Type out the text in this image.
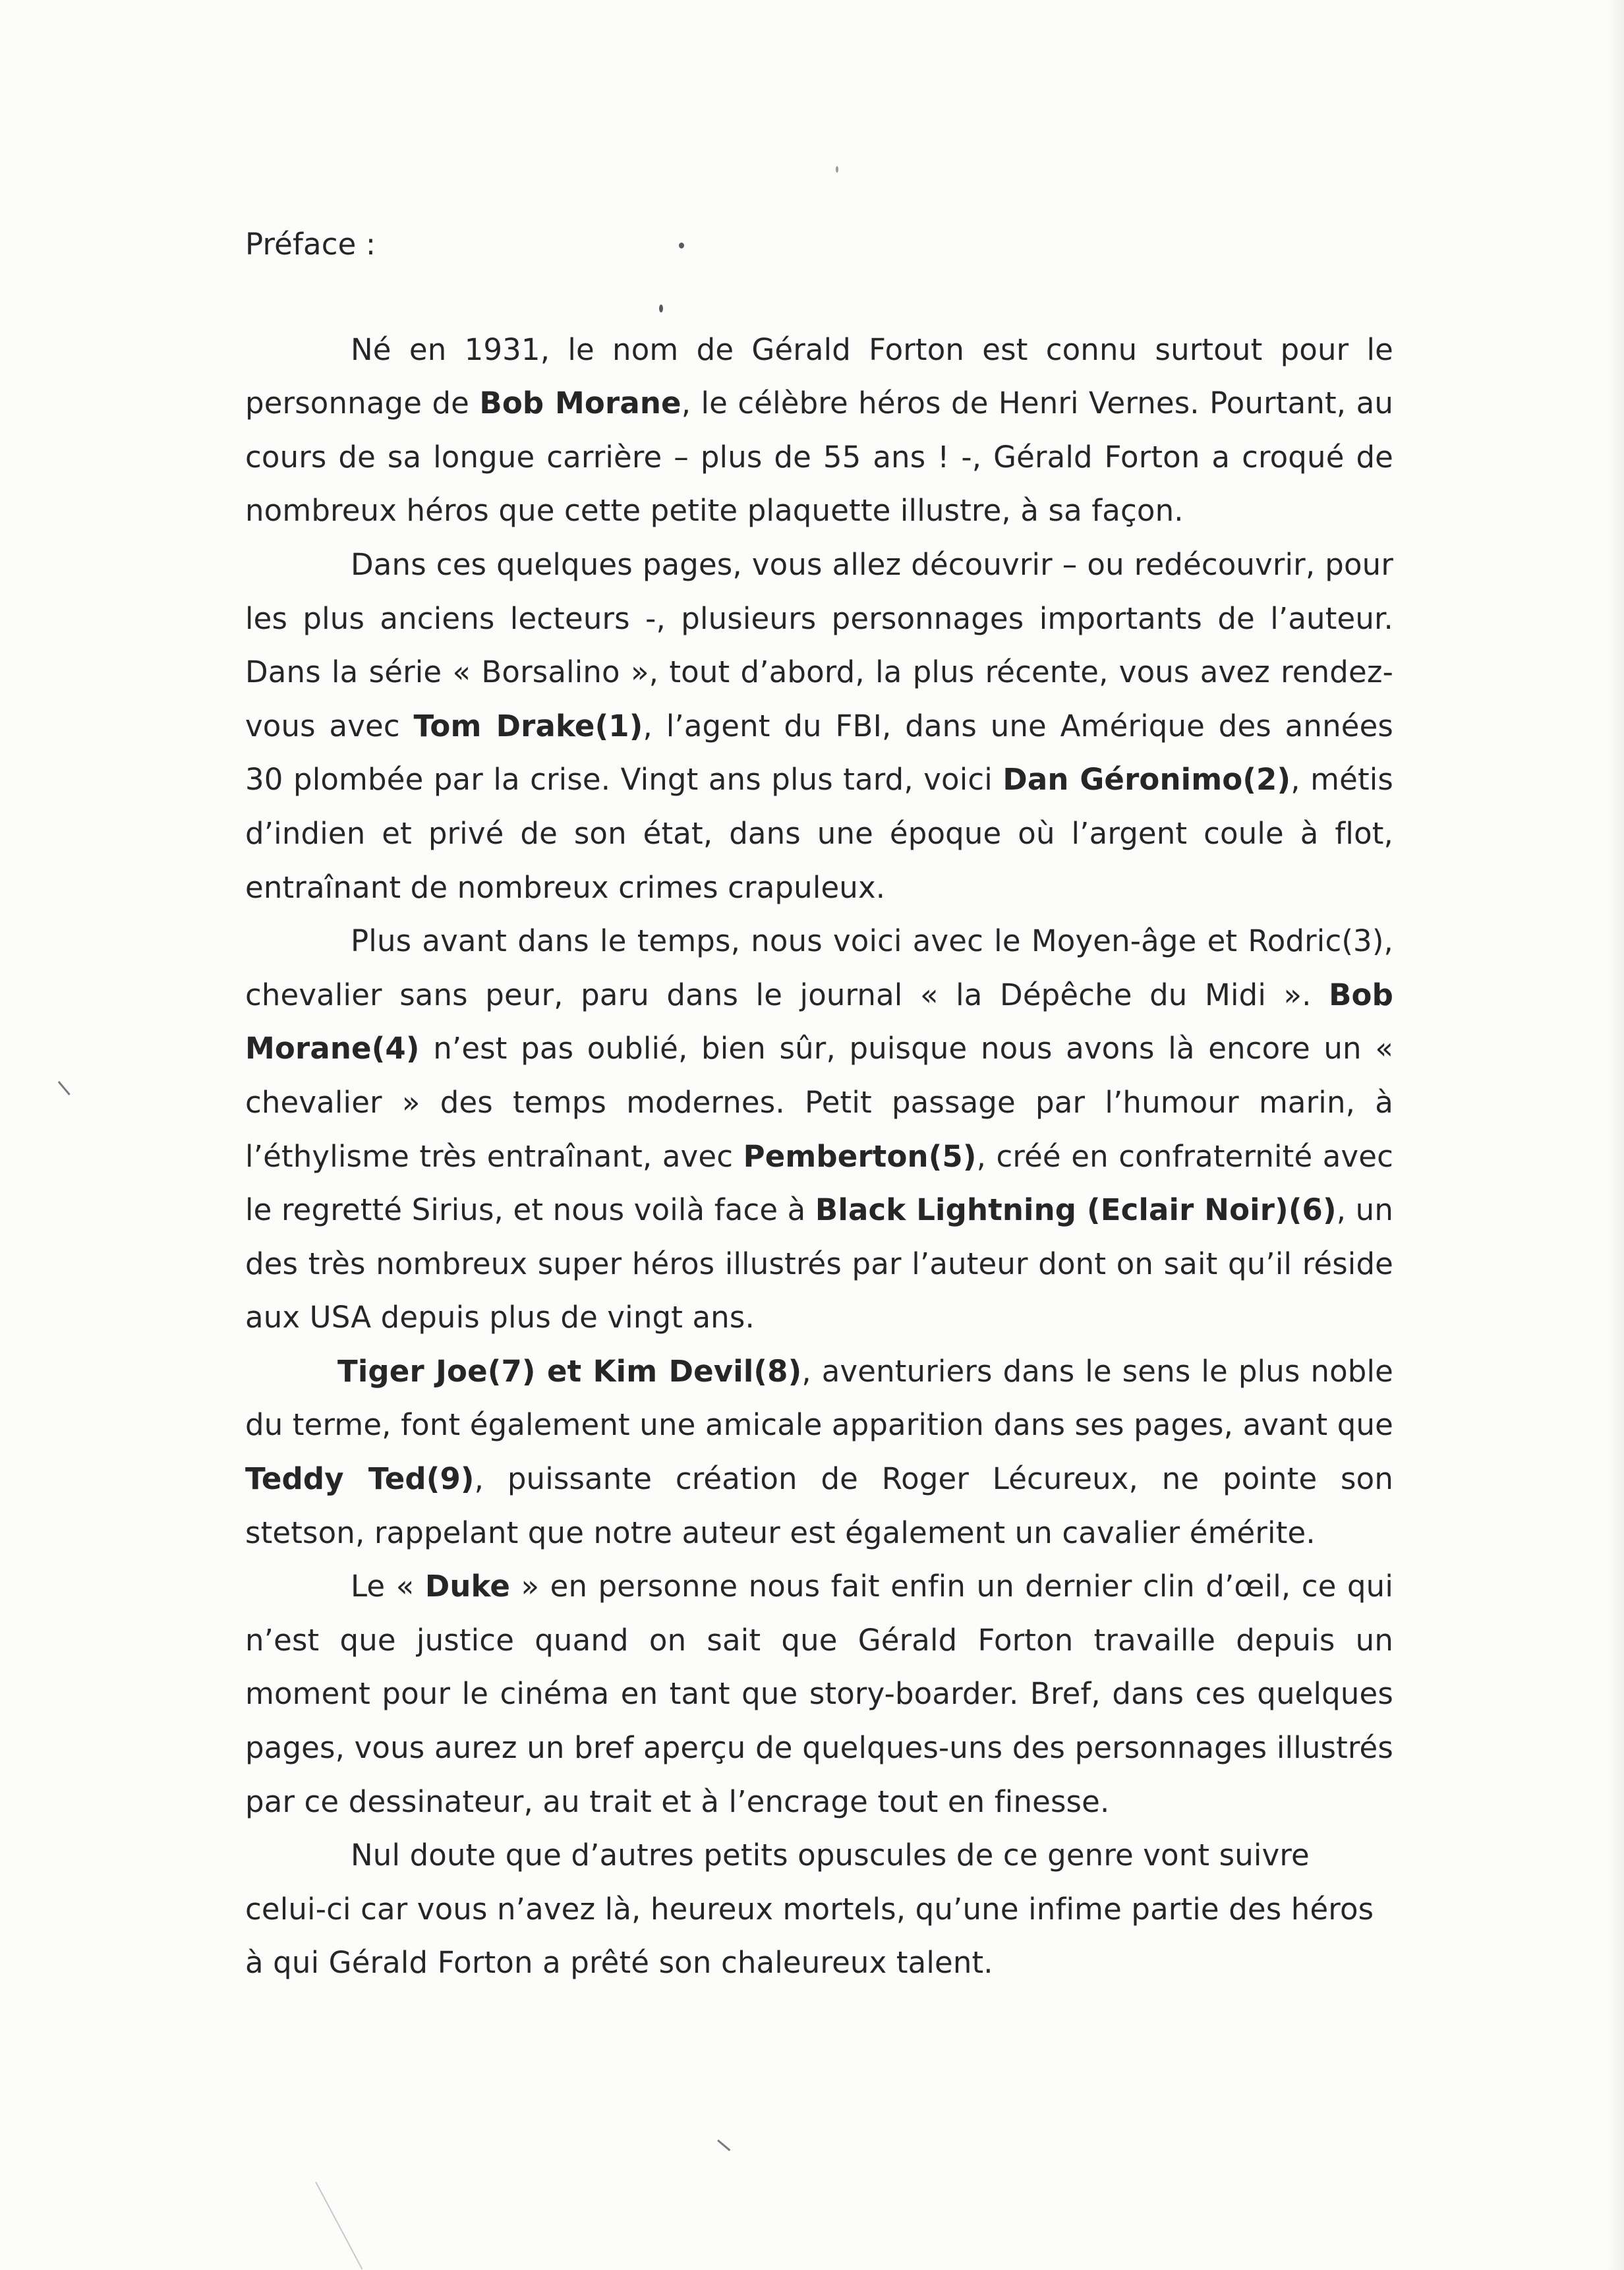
Préface :

Né en 1931, le nom de Gérald Forton est connu surtout pour le personnage de Bob Morane, le célèbre héros de Henri Vernes. Pourtant, au cours de sa longue carrière – plus de 55 ans ! -, Gérald Forton a croqué de nombreux héros que cette petite plaquette illustre, à sa façon.

Dans ces quelques pages, vous allez découvrir – ou redécouvrir, pour les plus anciens lecteurs -, plusieurs personnages importants de l’auteur. Dans la série « Borsalino », tout d’abord, la plus récente, vous avez rendez-vous avec Tom Drake(1), l’agent du FBI, dans une Amérique des années 30 plombée par la crise. Vingt ans plus tard, voici Dan Géronimo(2), métis d’indien et privé de son état, dans une époque où l’argent coule à flot, entraînant de nombreux crimes crapuleux.

Plus avant dans le temps, nous voici avec le Moyen-âge et Rodric(3), chevalier sans peur, paru dans le journal « la Dépêche du Midi ». Bob Morane(4) n’est pas oublié, bien sûr, puisque nous avons là encore un « chevalier » des temps modernes. Petit passage par l’humour marin, à l’éthylisme très entraînant, avec Pemberton(5), créé en confraternité avec le regretté Sirius, et nous voilà face à Black Lightning (Eclair Noir)(6), un des très nombreux super héros illustrés par l’auteur dont on sait qu’il réside aux USA depuis plus de vingt ans.

Tiger Joe(7) et Kim Devil(8), aventuriers dans le sens le plus noble du terme, font également une amicale apparition dans ses pages, avant que Teddy Ted(9), puissante création de Roger Lécureux, ne pointe son stetson, rappelant que notre auteur est également un cavalier émérite.

Le « Duke » en personne nous fait enfin un dernier clin d’œil, ce qui n’est que justice quand on sait que Gérald Forton travaille depuis un moment pour le cinéma en tant que story-boarder. Bref, dans ces quelques pages, vous aurez un bref aperçu de quelques-uns des personnages illustrés par ce dessinateur, au trait et à l’encrage tout en finesse.

Nul doute que d’autres petits opuscules de ce genre vont suivre celui-ci car vous n’avez là, heureux mortels, qu’une infime partie des héros à qui Gérald Forton a prêté son chaleureux talent.
